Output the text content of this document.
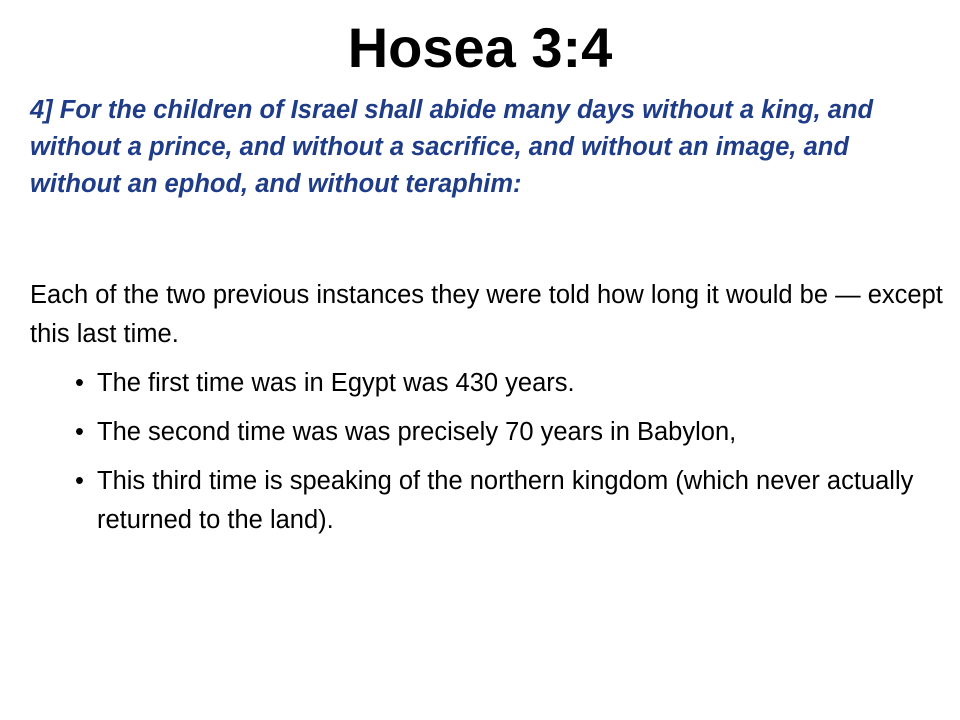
Hosea 3:4
4] For the children of Israel shall abide many days without a king, and without a prince, and without a sacrifice, and without an image, and without an ephod, and without teraphim:
Each of the two previous instances they were told how long it would be — except this last time.
• The first time was in Egypt was 430 years.
• The second time was was precisely 70 years in Babylon,
• This third time is speaking of the northern kingdom (which never actually returned to the land).
